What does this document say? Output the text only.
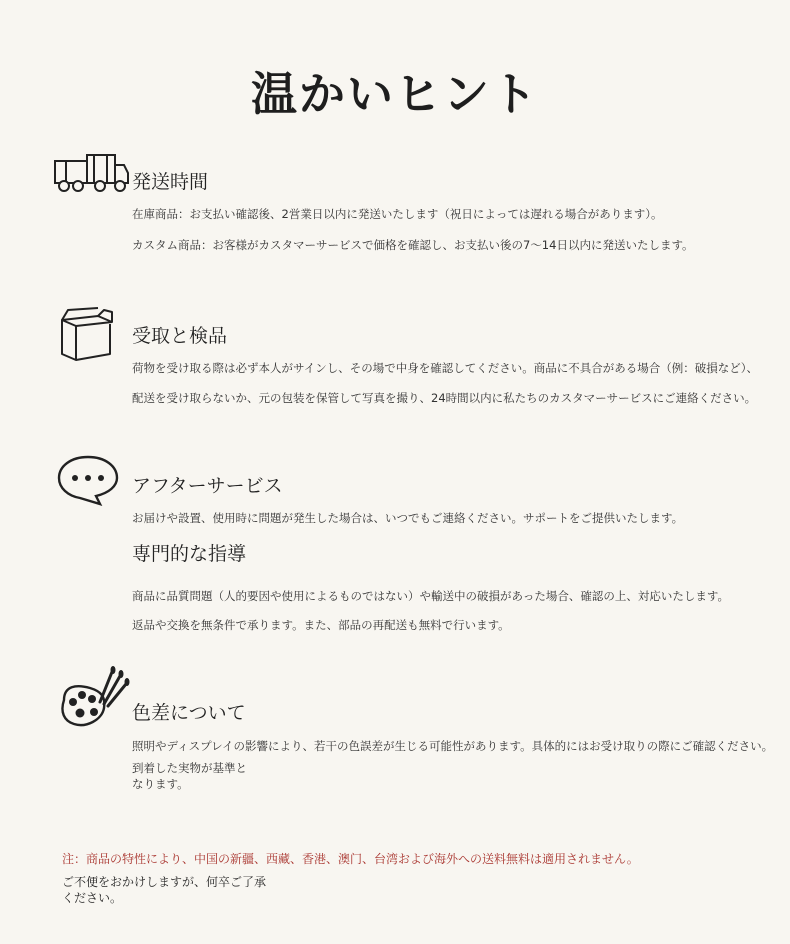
温かいヒント
発送時間
在庫商品：お支払い確認後、2営業日以内に発送いたします（祝日によっては遅れる場合があります）。
カスタム商品：お客様がカスタマーサービスで価格を確認し、お支払い後の7〜14日以内に発送いたします。
受取と検品
荷物を受け取る際は必ず本人がサインし、その場で中身を確認してください。商品に不具合がある場合（例：破損など）、
配送を受け取らないか、元の包装を保管して写真を撮り、24時間以内に私たちのカスタマーサービスにご連絡ください。
アフターサービス
お届けや設置、使用時に問題が発生した場合は、いつでもご連絡ください。サポートをご提供いたします。
専門的な指導
商品に品質問題（人的要因や使用によるものではない）や輸送中の破損があった場合、確認の上、対応いたします。
返品や交換を無条件で承ります。また、部品の再配送も無料で行います。
色差について
照明やディスプレイの影響により、若干の色誤差が生じる可能性があります。具体的にはお受け取りの際にご確認ください。
到着した実物が基準と
なります。
注：商品の特性により、中国の新疆、西藏、香港、澳门、台湾および海外への送料無料は適用されません。
ご不便をおかけしますが、何卒ご了承
ください。
